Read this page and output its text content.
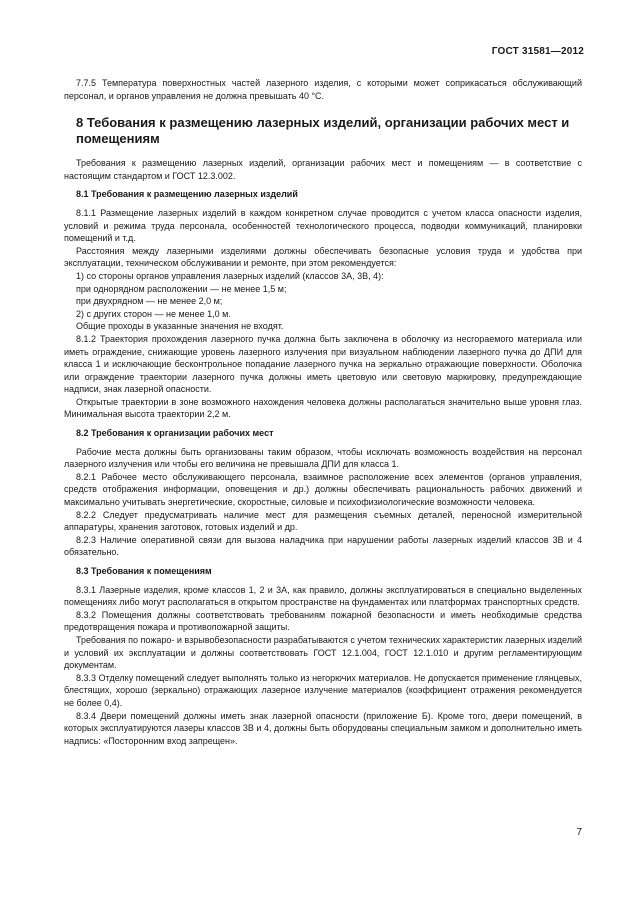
ГОСТ 31581—2012

7.7.5 Температура поверхностных частей лазерного изделия, с которыми может соприкасаться обслуживающий персонал, и органов управления не должна превышать 40 °С.

8 Тебования к размещению лазерных изделий, организации рабочих мест и помещениям

Требования к размещению лазерных изделий, организации рабочих мест и помещениям — в соответствие с настоящим стандартом и ГОСТ 12.3.002.

8.1 Требования к размещению лазерных изделий

8.1.1 Размещение лазерных изделий в каждом конкретном случае проводится с учетом класса опасности изделия, условий и режима труда персонала, особенностей технологического процесса, подводки коммуникаций, планировки помещений и т.д.

Расстояния между лазерными изделиями должны обеспечивать безопасные условия труда и удобства при эксплуатации, техническом обслуживании и ремонте, при этом рекомендуется:

1) со стороны органов управления лазерных изделий (классов 3А, 3В, 4):

при однорядном расположении — не менее 1,5 м;

при двухрядном — не менее 2,0 м;

2) с других сторон — не менее 1,0 м.

Общие проходы в указанные значения не входят.

8.1.2 Траектория прохождения лазерного пучка должна быть заключена в оболочку из несгораемого материала или иметь ограждение, снижающие уровень лазерного излучения при визуальном наблюдении лазерного пучка до ДПИ для класса 1 и исключающие бесконтрольное попадание лазерного пучка на зеркально отражающие поверхности. Оболочка или ограждение траектории лазерного пучка должны иметь цветовую или световую маркировку, предупреждающие надписи, знак лазерной опасности.

Открытые траектории в зоне возможного нахождения человека должны располагаться значительно выше уровня глаз. Минимальная высота траектории 2,2 м.

8.2 Требования к организации рабочих мест

Рабочие места должны быть организованы таким образом, чтобы исключать возможность воздействия на персонал лазерного излучения или чтобы его величина не превышала ДПИ для класса 1.

8.2.1 Рабочее место обслуживающего персонала, взаимное расположение всех элементов (органов управления, средств отображения информации, оповещения и др.) должны обеспечивать рациональность рабочих движений и максимально учитывать энергетические, скоростные, силовые и психофизиологические возможности человека.

8.2.2 Следует предусматривать наличие мест для размещения съемных деталей, переносной измерительной аппаратуры, хранения заготовок, готовых изделий и др.

8.2.3 Наличие оперативной связи для вызова наладчика при нарушении работы лазерных изделий классов 3В и 4 обязательно.

8.3 Требования к помещениям

8.3.1 Лазерные изделия, кроме классов 1, 2 и 3А, как правило, должны эксплуатироваться в специально выделенных помещениях либо могут располагаться в открытом пространстве на фундаментах или платформах транспортных средств.

8.3.2 Помещения должны соответствовать требованиям пожарной безопасности и иметь необходимые средства предотвращения пожара и противопожарной защиты.

Требования по пожаро- и взрывобезопасности разрабатываются с учетом технических характеристик лазерных изделий и условий их эксплуатации и должны соответствовать ГОСТ 12.1.004, ГОСТ 12.1.010 и другим регламентирующим документам.

8.3.3 Отделку помещений следует выполнять только из негорючих материалов. Не допускается применение глянцевых, блестящих, хорошо (зеркально) отражающих лазерное излучение материалов (коэффициент отражения рекомендуется не более 0,4).

8.3.4 Двери помещений должны иметь знак лазерной опасности (приложение Б). Кроме того, двери помещений, в которых эксплуатируются лазеры классов 3В и 4, должны быть оборудованы специальным замком и дополнительно иметь надпись: «Посторонним вход запрещен».

7
